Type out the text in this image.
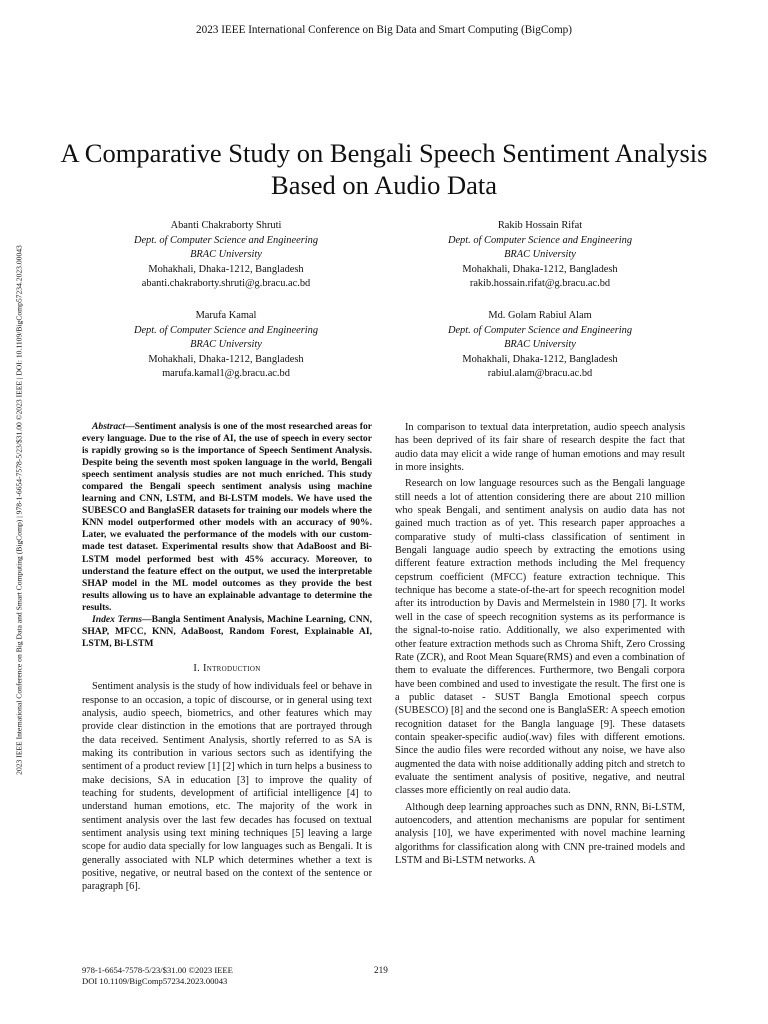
2023 IEEE International Conference on Big Data and Smart Computing (BigComp)
2023 IEEE International Conference on Big Data and Smart Computing (BigComp) | 978-1-6654-7578-5/23/$31.00 ©2023 IEEE | DOI: 10.1109/BigComp57234.2023.00043
A Comparative Study on Bengali Speech Sentiment Analysis Based on Audio Data
Abanti Chakraborty Shruti
Dept. of Computer Science and Engineering
BRAC University
Mohakhali, Dhaka-1212, Bangladesh
abanti.chakraborty.shruti@g.bracu.ac.bd
Rakib Hossain Rifat
Dept. of Computer Science and Engineering
BRAC University
Mohakhali, Dhaka-1212, Bangladesh
rakib.hossain.rifat@g.bracu.ac.bd
Marufa Kamal
Dept. of Computer Science and Engineering
BRAC University
Mohakhali, Dhaka-1212, Bangladesh
marufa.kamal1@g.bracu.ac.bd
Md. Golam Rabiul Alam
Dept. of Computer Science and Engineering
BRAC University
Mohakhali, Dhaka-1212, Bangladesh
rabiul.alam@bracu.ac.bd

Abstract—Sentiment analysis is one of the most researched areas for every language. Due to the rise of AI, the use of speech in every sector is rapidly growing so is the importance of Speech Sentiment Analysis. Despite being the seventh most spoken language in the world, Bengali speech sentiment analysis studies are not much enriched. This study compared the Bengali speech sentiment analysis using machine learning and CNN, LSTM, and Bi-LSTM models. We have used the SUBESCO and BanglaSER datasets for training our models where the KNN model outperformed other models with an accuracy of 90%. Later, we evaluated the performance of the models with our custom-made test dataset. Experimental results show that AdaBoost and Bi-LSTM model performed best with 45% accuracy. Moreover, to understand the feature effect on the output, we used the interpretable SHAP model in the ML model outcomes as they provide the best results allowing us to have an explainable advantage to determine the results.

Index Terms—Bangla Sentiment Analysis, Machine Learning, CNN, SHAP, MFCC, KNN, AdaBoost, Random Forest, Explainable AI, LSTM, Bi-LSTM

I. Introduction

Sentiment analysis is the study of how individuals feel or behave in response to an occasion, a topic of discourse, or in general using text analysis, audio speech, biometrics, and other features which may provide clear distinction in the emotions that are portrayed through the data received. Sentiment Analysis, shortly referred to as SA is making its contribution in various sectors such as identifying the sentiment of a product review [1] [2] which in turn helps a business to make decisions, SA in education [3] to improve the quality of teaching for students, development of artificial intelligence [4] to understand human emotions, etc. The majority of the work in sentiment analysis over the last few decades has focused on textual sentiment analysis using text mining techniques [5] leaving a large scope for audio data specially for low languages such as Bengali. It is generally associated with NLP which determines whether a text is positive, negative, or neutral based on the context of the sentence or paragraph [6].

In comparison to textual data interpretation, audio speech analysis has been deprived of its fair share of research despite the fact that audio data may elicit a wide range of human emotions and may result in more insights.

Research on low language resources such as the Bengali language still needs a lot of attention considering there are about 210 million who speak Bengali, and sentiment analysis on audio data has not gained much traction as of yet. This research paper approaches a comparative study of multi-class classification of sentiment in Bengali language audio speech by extracting the emotions using different feature extraction methods including the Mel frequency cepstrum coefficient (MFCC) feature extraction technique. This technique has become a state-of-the-art for speech recognition model after its introduction by Davis and Mermelstein in 1980 [7]. It works well in the case of speech recognition systems as its performance is the signal-to-noise ratio. Additionally, we also experimented with other feature extraction methods such as Chroma Shift, Zero Crossing Rate (ZCR), and Root Mean Square(RMS) and even a combination of them to evaluate the differences. Furthermore, two Bengali corpora have been combined and used to investigate the result. The first one is a public dataset - SUST Bangla Emotional speech corpus (SUBESCO) [8] and the second one is BanglaSER: A speech emotion recognition dataset for the Bangla language [9]. These datasets contain speaker-specific audio(.wav) files with different emotions. Since the audio files were recorded without any noise, we have also augmented the data with noise additionally adding pitch and stretch to evaluate the sentiment analysis of positive, negative, and neutral classes more efficiently on real audio data.

Although deep learning approaches such as DNN, RNN, Bi-LSTM, autoencoders, and attention mechanisms are popular for sentiment analysis [10], we have experimented with novel machine learning algorithms for classification along with CNN pre-trained models and LSTM and Bi-LSTM networks. A

978-1-6654-7578-5/23/$31.00 ©2023 IEEE
DOI 10.1109/BigComp57234.2023.00043
219
